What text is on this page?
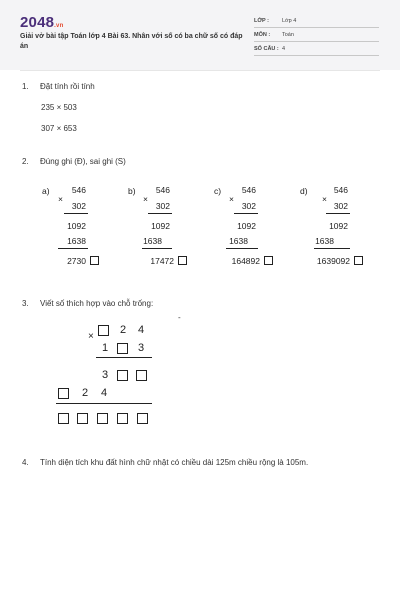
2048.vn
Giải vở bài tập Toán lớp 4 Bài 63. Nhân với số có ba chữ số có đáp án
LỚP : Lớp 4
MÔN : Toán
SỐ CÂU : 4
1. Đặt tính rồi tính
235 × 503
307 × 653
2. Đúng ghi (Đ), sai ghi (S)
a)	546
×
302
1092
1638
2730
b)	546
×
302
1092
1638
17472
c)	546
×
302
1092
1638
164892
d)	546
×
302
1092
1638
1639092
3. Viết số thích hợp vào chỗ trống:
-
×
2 4
1	3
3
2 4
4. Tính diện tích khu đất hình chữ nhật có chiều dài 125m chiều rộng là 105m.
